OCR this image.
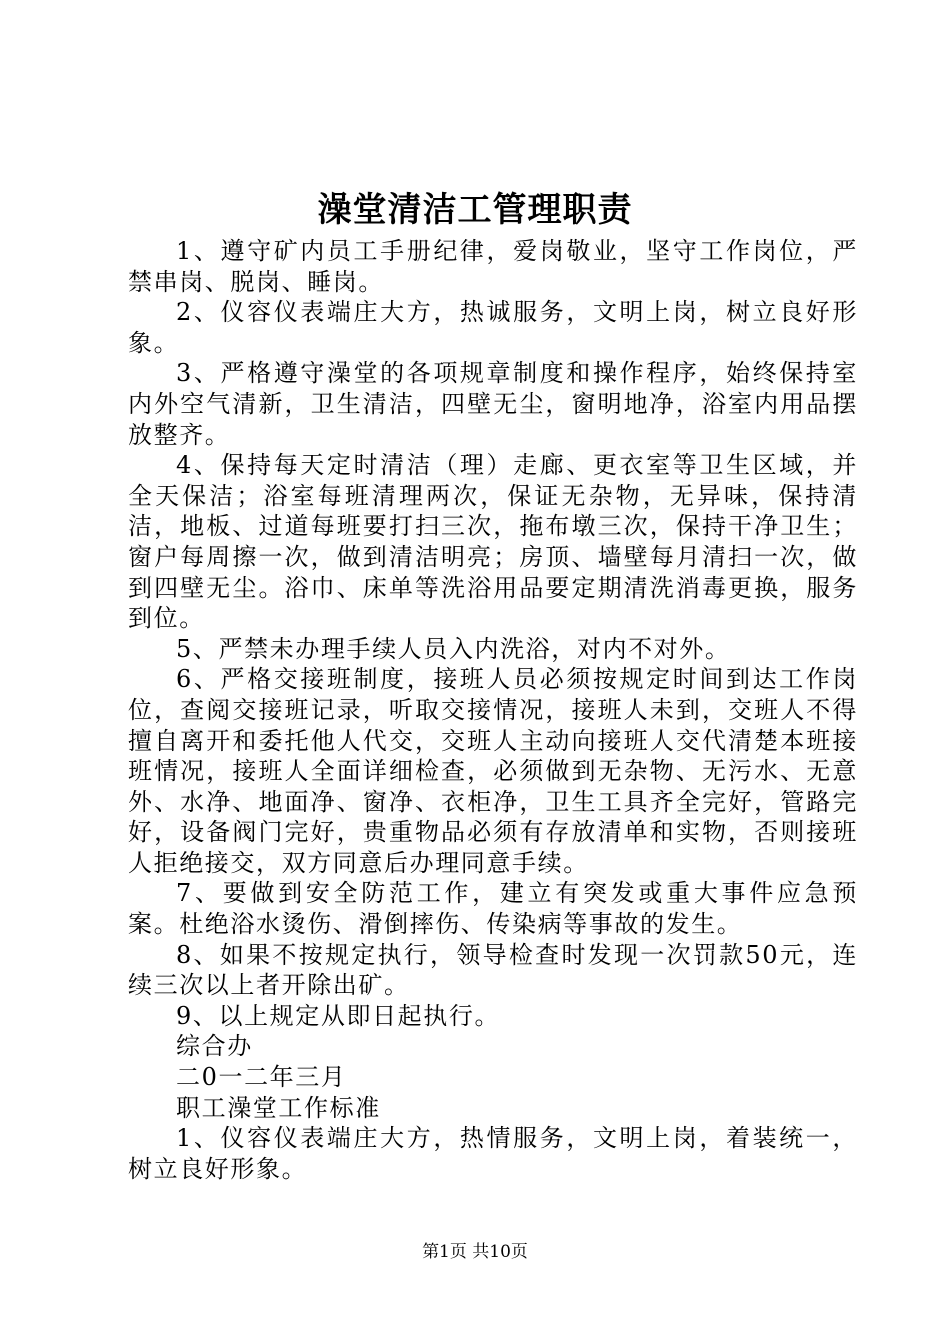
澡堂清洁工管理职责

1、遵守矿内员工手册纪律，爱岗敬业，坚守工作岗位，严禁串岗、脱岗、睡岗。

2、仪容仪表端庄大方，热诚服务，文明上岗，树立良好形象。

3、严格遵守澡堂的各项规章制度和操作程序，始终保持室内外空气清新，卫生清洁，四壁无尘，窗明地净，浴室内用品摆放整齐。

4、保持每天定时清洁（理）走廊、更衣室等卫生区域，并全天保洁；浴室每班清理两次，保证无杂物，无异味，保持清洁，地板、过道每班要打扫三次，拖布墩三次，保持干净卫生；窗户每周擦一次，做到清洁明亮；房顶、墙壁每月清扫一次，做到四壁无尘。浴巾、床单等洗浴用品要定期清洗消毒更换，服务到位。

5、严禁未办理手续人员入内洗浴，对内不对外。

6、严格交接班制度，接班人员必须按规定时间到达工作岗位，查阅交接班记录，听取交接情况，接班人未到，交班人不得擅自离开和委托他人代交，交班人主动向接班人交代清楚本班接班情况，接班人全面详细检查，必须做到无杂物、无污水、无意外、水净、地面净、窗净、衣柜净，卫生工具齐全完好，管路完好，设备阀门完好，贵重物品必须有存放清单和实物，否则接班人拒绝接交，双方同意后办理同意手续。

7、要做到安全防范工作，建立有突发或重大事件应急预案。杜绝浴水烫伤、滑倒摔伤、传染病等事故的发生。

8、如果不按规定执行，领导检查时发现一次罚款50元，连续三次以上者开除出矿。

9、以上规定从即日起执行。

综合办

二0一二年三月

职工澡堂工作标准

1、仪容仪表端庄大方，热情服务，文明上岗，着装统一，树立良好形象。

第1页 共10页
